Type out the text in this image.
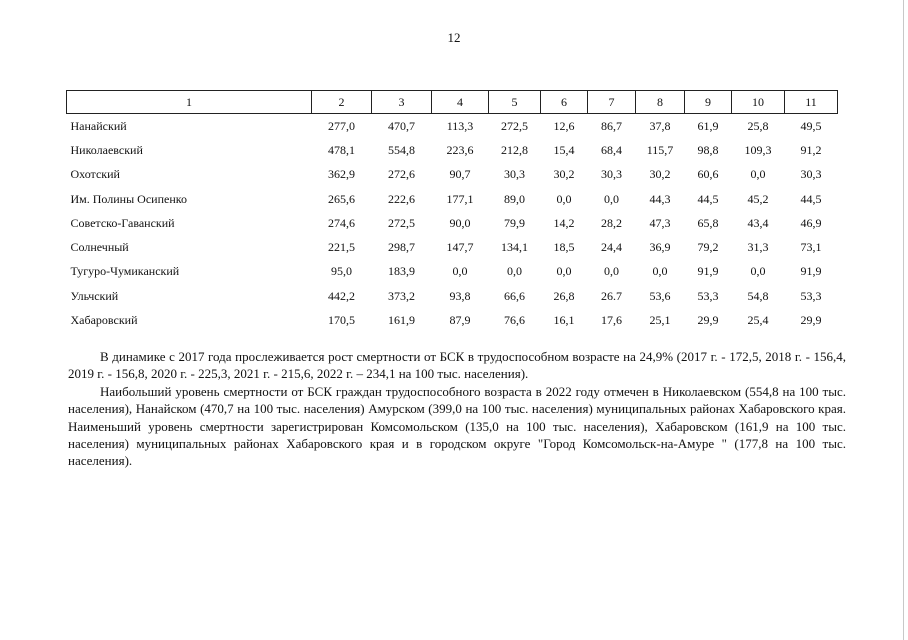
12
1	2	3	4	5	6	7	8	9	10	11
Нанайский	277,0	470,7	113,3	272,5	12,6	86,7	37,8	61,9	25,8	49,5
Николаевский	478,1	554,8	223,6	212,8	15,4	68,4	115,7	98,8	109,3	91,2
Охотский	362,9	272,6	90,7	30,3	30,2	30,3	30,2	60,6	0,0	30,3
Им. Полины Осипенко	265,6	222,6	177,1	89,0	0,0	0,0	44,3	44,5	45,2	44,5
Советско-Гаванский	274,6	272,5	90,0	79,9	14,2	28,2	47,3	65,8	43,4	46,9
Солнечный	221,5	298,7	147,7	134,1	18,5	24,4	36,9	79,2	31,3	73,1
Тугуро-Чумиканский	95,0	183,9	0,0	0,0	0,0	0,0	0,0	91,9	0,0	91,9
Ульчский	442,2	373,2	93,8	66,6	26,8	26.7	53,6	53,3	54,8	53,3
Хабаровский	170,5	161,9	87,9	76,6	16,1	17,6	25,1	29,9	25,4	29,9

В динамике с 2017 года прослеживается рост смертности от БСК в трудоспособном возрасте на 24,9% (2017 г. - 172,5, 2018 г. - 156,4, 2019 г. - 156,8, 2020 г. - 225,3, 2021 г. - 215,6, 2022 г. – 234,1 на 100 тыс. населения).

Наибольший уровень смертности от БСК граждан трудоспособного возраста в 2022 году отмечен в Николаевском (554,8 на 100 тыс. населения), Нанайском (470,7 на 100 тыс. населения) Амурском (399,0 на 100 тыс. населения) муниципальных районах Хабаровского края. Наименьший уровень смертности зарегистрирован Комсомольском (135,0 на 100 тыс. населения), Хабаровском (161,9 на 100 тыс. населения) муниципальных районах Хабаровского края и в городском округе "Город Комсомольск-на-Амуре " (177,8 на 100 тыс. населения).
